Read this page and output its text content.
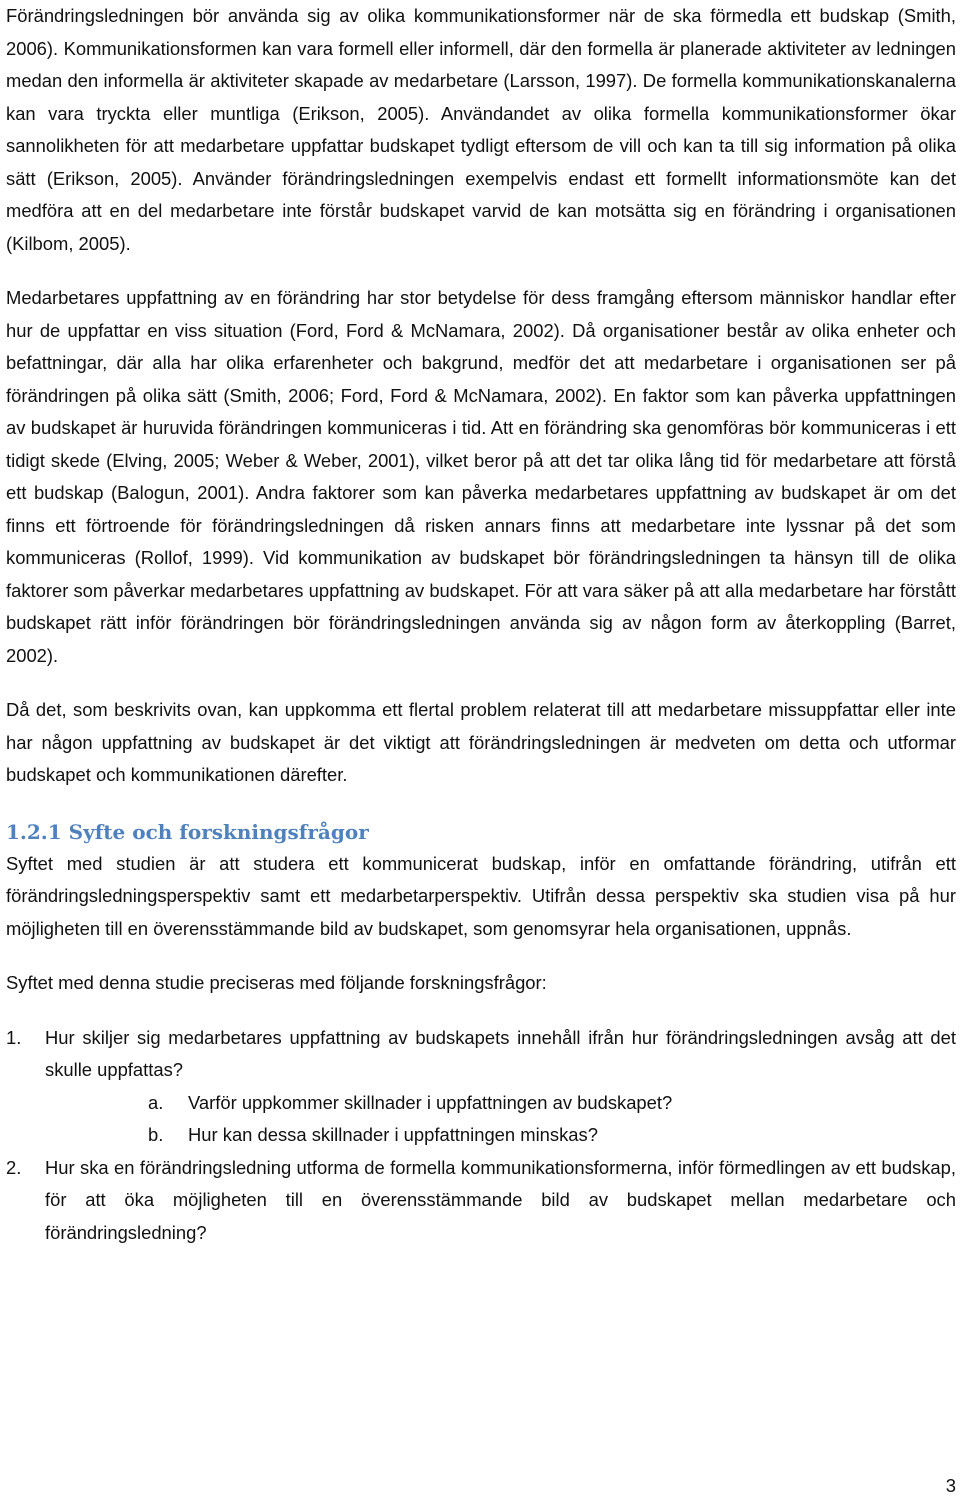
Förändringsledningen bör använda sig av olika kommunikationsformer när de ska förmedla ett budskap (Smith, 2006). Kommunikationsformen kan vara formell eller informell, där den formella är planerade aktiviteter av ledningen medan den informella är aktiviteter skapade av medarbetare (Larsson, 1997). De formella kommunikationskanalerna kan vara tryckta eller muntliga (Erikson, 2005). Användandet av olika formella kommunikationsformer ökar sannolikheten för att medarbetare uppfattar budskapet tydligt eftersom de vill och kan ta till sig information på olika sätt (Erikson, 2005). Använder förändringsledningen exempelvis endast ett formellt informationsmöte kan det medföra att en del medarbetare inte förstår budskapet varvid de kan motsätta sig en förändring i organisationen (Kilbom, 2005).

Medarbetares uppfattning av en förändring har stor betydelse för dess framgång eftersom människor handlar efter hur de uppfattar en viss situation (Ford, Ford & McNamara, 2002). Då organisationer består av olika enheter och befattningar, där alla har olika erfarenheter och bakgrund, medför det att medarbetare i organisationen ser på förändringen på olika sätt (Smith, 2006; Ford, Ford & McNamara, 2002). En faktor som kan påverka uppfattningen av budskapet är huruvida förändringen kommuniceras i tid. Att en förändring ska genomföras bör kommuniceras i ett tidigt skede (Elving, 2005; Weber & Weber, 2001), vilket beror på att det tar olika lång tid för medarbetare att förstå ett budskap (Balogun, 2001). Andra faktorer som kan påverka medarbetares uppfattning av budskapet är om det finns ett förtroende för förändringsledningen då risken annars finns att medarbetare inte lyssnar på det som kommuniceras (Rollof, 1999). Vid kommunikation av budskapet bör förändringsledningen ta hänsyn till de olika faktorer som påverkar medarbetares uppfattning av budskapet. För att vara säker på att alla medarbetare har förstått budskapet rätt inför förändringen bör förändringsledningen använda sig av någon form av återkoppling (Barret, 2002).

Då det, som beskrivits ovan, kan uppkomma ett flertal problem relaterat till att medarbetare missuppfattar eller inte har någon uppfattning av budskapet är det viktigt att förändringsledningen är medveten om detta och utformar budskapet och kommunikationen därefter.

1.2.1 Syfte och forskningsfrågor

Syftet med studien är att studera ett kommunicerat budskap, inför en omfattande förändring, utifrån ett förändringsledningsperspektiv samt ett medarbetarperspektiv. Utifrån dessa perspektiv ska studien visa på hur möjligheten till en överensstämmande bild av budskapet, som genomsyrar hela organisationen, uppnås.

Syftet med denna studie preciseras med följande forskningsfrågor:

1.	Hur skiljer sig medarbetares uppfattning av budskapets innehåll ifrån hur förändringsledningen avsåg att det skulle uppfattas?
a.	Varför uppkommer skillnader i uppfattningen av budskapet?
b.	Hur kan dessa skillnader i uppfattningen minskas?
2.	Hur ska en förändringsledning utforma de formella kommunikationsformerna, inför förmedlingen av ett budskap, för att öka möjligheten till en överensstämmande bild av budskapet mellan medarbetare och förändringsledning?
3
